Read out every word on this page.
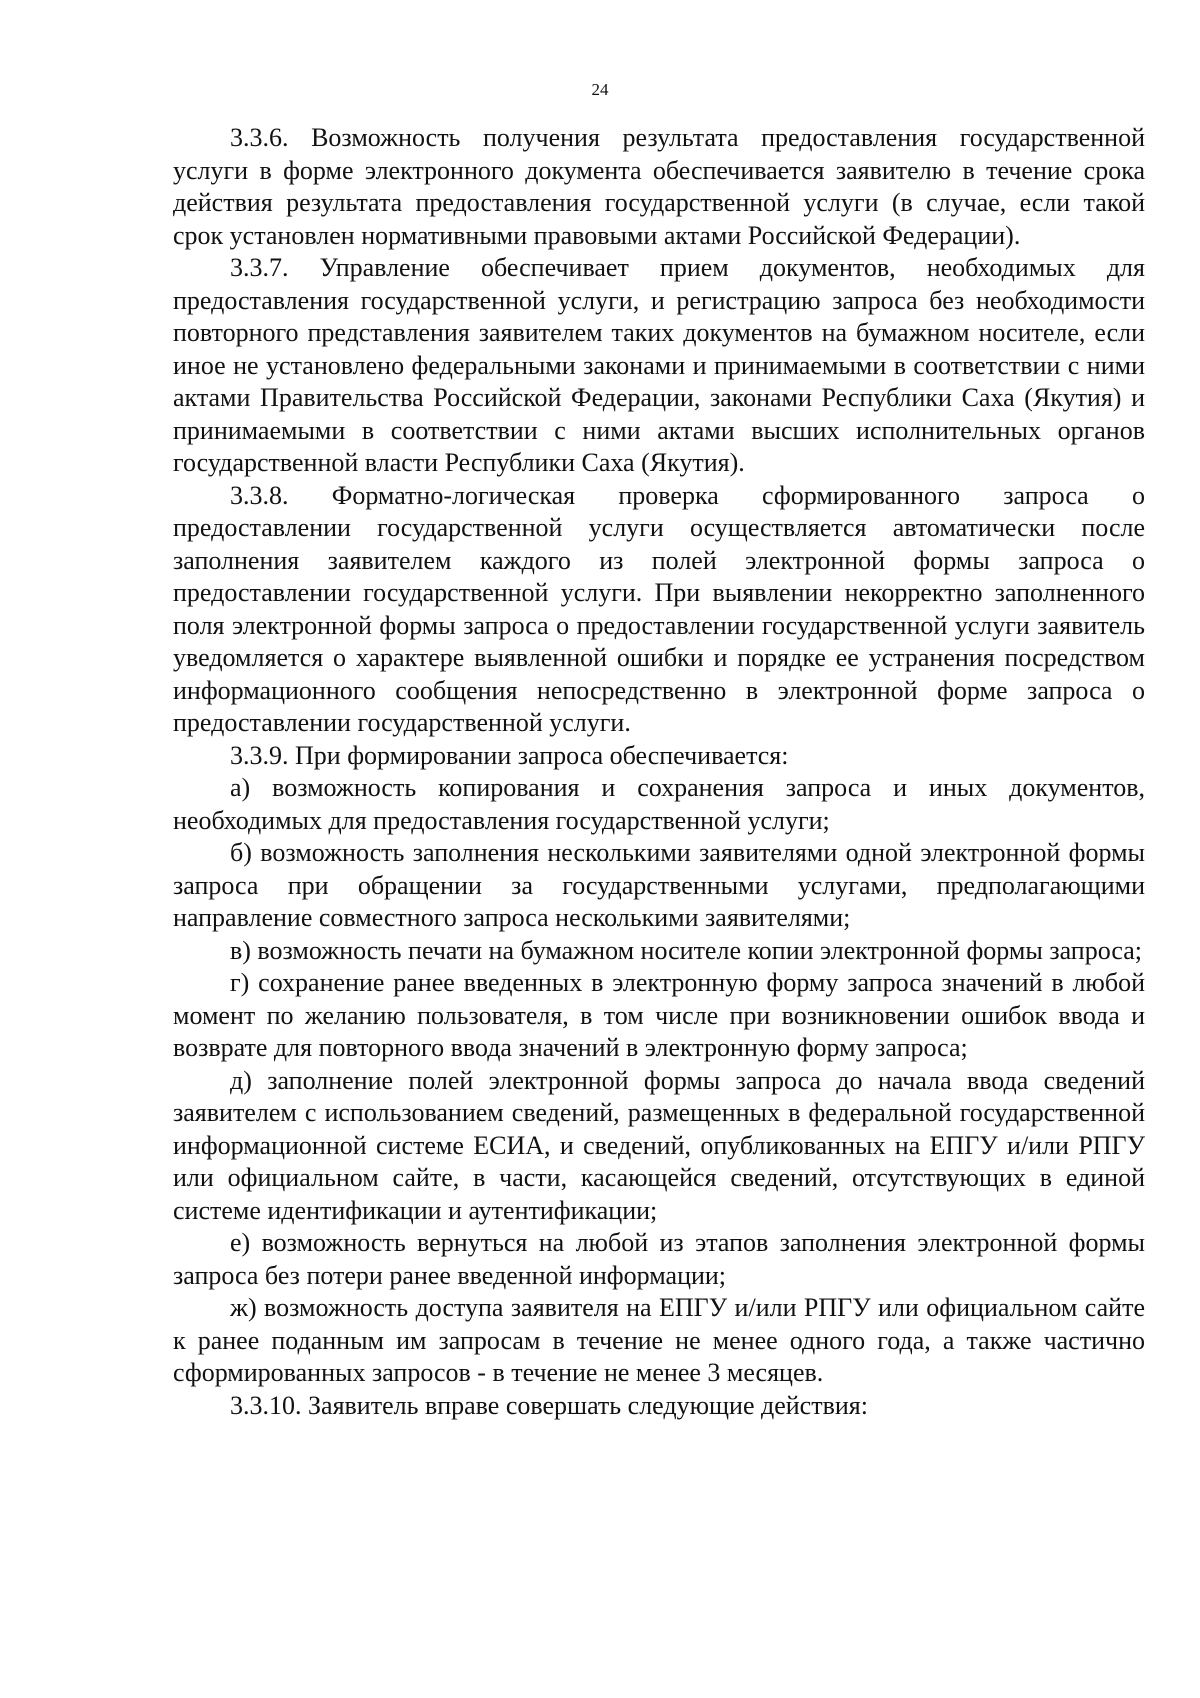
24

3.3.6. Возможность получения результата предоставления государственной услуги в форме электронного документа обеспечивается заявителю в течение срока действия результата предоставления государственной услуги (в случае, если такой срок установлен нормативными правовыми актами Российской Федерации).

3.3.7. Управление обеспечивает прием документов, необходимых для предоставления государственной услуги, и регистрацию запроса без необходимости повторного представления заявителем таких документов на бумажном носителе, если иное не установлено федеральными законами и принимаемыми в соответствии с ними актами Правительства Российской Федерации, законами Республики Саха (Якутия) и принимаемыми в соответствии с ними актами высших исполнительных органов государственной власти Республики Саха (Якутия).

3.3.8. Форматно-логическая проверка сформированного запроса о предоставлении государственной услуги осуществляется автоматически после заполнения заявителем каждого из полей электронной формы запроса о предоставлении государственной услуги. При выявлении некорректно заполненного поля электронной формы запроса о предоставлении государственной услуги заявитель уведомляется о характере выявленной ошибки и порядке ее устранения посредством информационного сообщения непосредственно в электронной форме запроса о предоставлении государственной услуги.

3.3.9. При формировании запроса обеспечивается:

а) возможность копирования и сохранения запроса и иных документов, необходимых для предоставления государственной услуги;

б) возможность заполнения несколькими заявителями одной электронной формы запроса при обращении за государственными услугами, предполагающими направление совместного запроса несколькими заявителями;

в) возможность печати на бумажном носителе копии электронной формы запроса;

г) сохранение ранее введенных в электронную форму запроса значений в любой момент по желанию пользователя, в том числе при возникновении ошибок ввода и возврате для повторного ввода значений в электронную форму запроса;

д) заполнение полей электронной формы запроса до начала ввода сведений заявителем с использованием сведений, размещенных в федеральной государственной информационной системе ЕСИА, и сведений, опубликованных на ЕПГУ и/или РПГУ или официальном сайте, в части, касающейся сведений, отсутствующих в единой системе идентификации и аутентификации;

е) возможность вернуться на любой из этапов заполнения электронной формы запроса без потери ранее введенной информации;

ж) возможность доступа заявителя на ЕПГУ и/или РПГУ или официальном сайте к ранее поданным им запросам в течение не менее одного года, а также частично сформированных запросов - в течение не менее 3 месяцев.

3.3.10. Заявитель вправе совершать следующие действия:
